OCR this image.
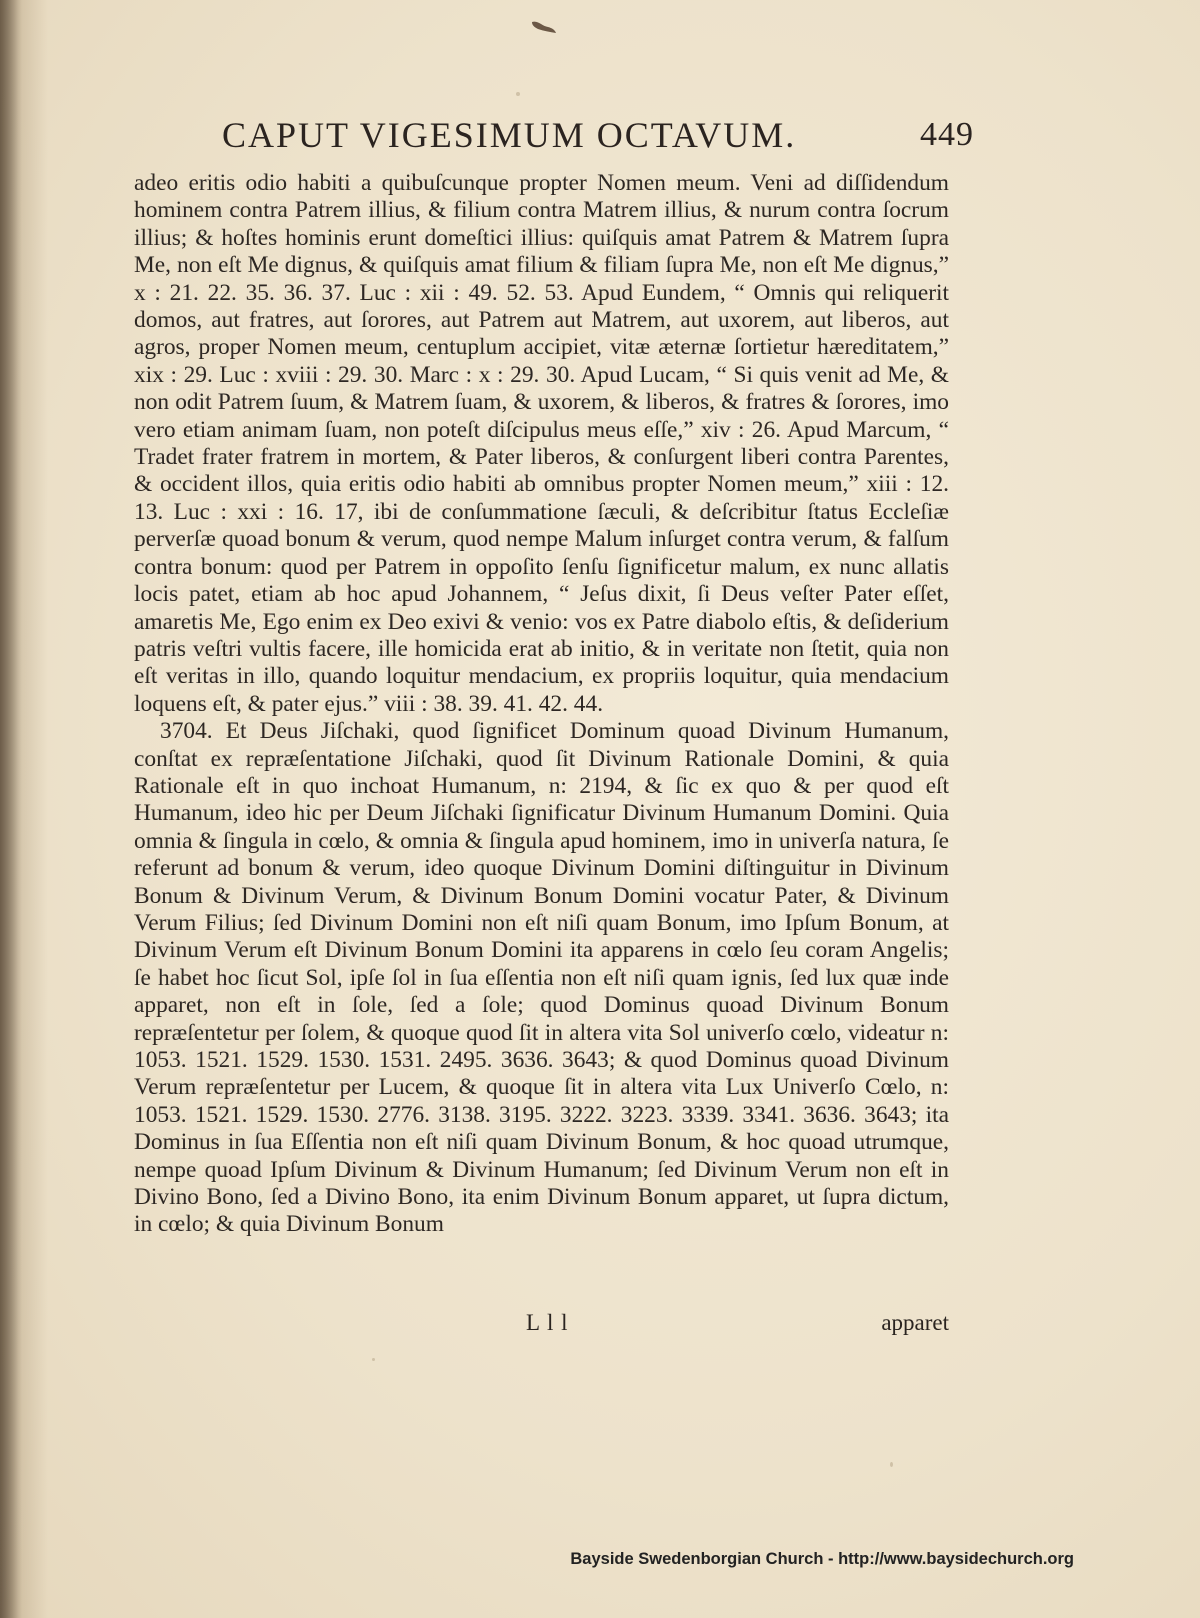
CAPUT VIGESIMUM OCTAVUM.	449

adeo eritis odio habiti a quibuſcunque propter Nomen meum. Veni ad diſſidendum hominem contra Patrem illius, & filium contra Matrem illius, & nurum contra ſocrum illius; & hoſtes hominis erunt domeſtici illius: quiſquis amat Patrem & Matrem ſupra Me, non eſt Me dignus, & quiſquis amat filium & filiam ſupra Me, non eſt Me dignus,” x : 21. 22. 35. 36. 37. Luc : xii : 49. 52. 53. Apud Eundem, “ Omnis qui reliquerit domos, aut fratres, aut ſorores, aut Patrem aut Matrem, aut uxorem, aut liberos, aut agros, proper Nomen meum, centuplum accipiet, vitæ æternæ ſortietur hæreditatem,” xix : 29. Luc : xviii : 29. 30. Marc : x : 29. 30. Apud Lucam, “ Si quis venit ad Me, & non odit Patrem ſuum, & Matrem ſuam, & uxorem, & liberos, & fratres & ſorores, imo vero etiam animam ſuam, non poteſt diſcipulus meus eſſe,” xiv : 26. Apud Marcum, “ Tradet frater fratrem in mortem, & Pater liberos, & conſurgent liberi contra Parentes, & occident illos, quia eritis odio habiti ab omnibus propter Nomen meum,” xiii : 12. 13. Luc : xxi : 16. 17, ibi de conſummatione ſæculi, & deſcribitur ſtatus Eccleſiæ perverſæ quoad bonum & verum, quod nempe Malum inſurget contra verum, & falſum contra bonum: quod per Patrem in oppoſito ſenſu ſignificetur malum, ex nunc allatis locis patet, etiam ab hoc apud Johannem, “ Jeſus dixit, ſi Deus veſter Pater eſſet, amaretis Me, Ego enim ex Deo exivi & venio: vos ex Patre diabolo eſtis, & deſiderium patris veſtri vultis facere, ille homicida erat ab initio, & in veritate non ſtetit, quia non eſt veritas in illo, quando loquitur mendacium, ex propriis loquitur, quia mendacium loquens eſt, & pater ejus.” viii : 38. 39. 41. 42. 44.

3704. Et Deus Jiſchaki, quod ſignificet Dominum quoad Divinum Humanum, conſtat ex repræſentatione Jiſchaki, quod ſit Divinum Rationale Domini, & quia Rationale eſt in quo inchoat Humanum, n: 2194, & ſic ex quo & per quod eſt Humanum, ideo hic per Deum Jiſchaki ſignificatur Divinum Humanum Domini. Quia omnia & ſingula in cœlo, & omnia & ſingula apud hominem, imo in univerſa natura, ſe referunt ad bonum & verum, ideo quoque Divinum Domini diſtinguitur in Divinum Bonum & Divinum Verum, & Divinum Bonum Domini vocatur Pater, & Divinum Verum Filius; ſed Divinum Domini non eſt niſi quam Bonum, imo Ipſum Bonum, at Divinum Verum eſt Divinum Bonum Domini ita apparens in cœlo ſeu coram Angelis; ſe habet hoc ſicut Sol, ipſe ſol in ſua eſſentia non eſt niſi quam ignis, ſed lux quæ inde apparet, non eſt in ſole, ſed a ſole; quod Dominus quoad Divinum Bonum repræſentetur per ſolem, & quoque quod ſit in altera vita Sol univerſo cœlo, videatur n: 1053. 1521. 1529. 1530. 1531. 2495. 3636. 3643; & quod Dominus quoad Divinum Verum repræſentetur per Lucem, & quoque ſit in altera vita Lux Univerſo Cœlo, n: 1053. 1521. 1529. 1530. 2776. 3138. 3195. 3222. 3223. 3339. 3341. 3636. 3643; ita Dominus in ſua Eſſentia non eſt niſi quam Divinum Bonum, & hoc quoad utrumque, nempe quoad Ipſum Divinum & Divinum Humanum; ſed Divinum Verum non eſt in Divino Bono, ſed a Divino Bono, ita enim Divinum Bonum apparet, ut ſupra dictum, in cœlo; & quia Divinum Bonum

L l l	apparet
Bayside Swedenborgian Church - http://www.baysidechurch.org
